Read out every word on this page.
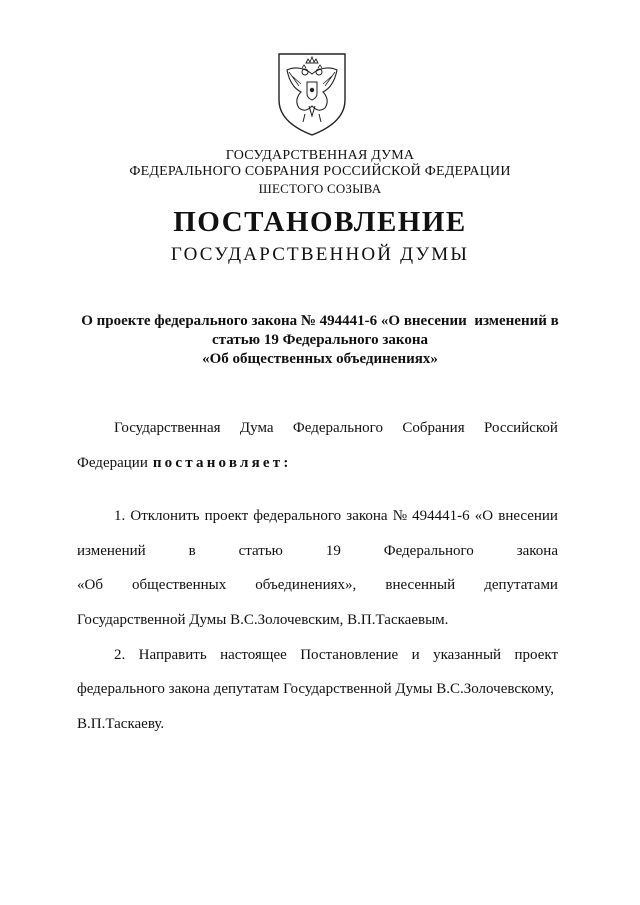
ГОСУДАРСТВЕННАЯ ДУМА
ФЕДЕРАЛЬНОГО СОБРАНИЯ РОССИЙСКОЙ ФЕДЕРАЦИИ
ШЕСТОГО СОЗЫВА
ПОСТАНОВЛЕНИЕ
ГОСУДАРСТВЕННОЙ ДУМЫ
О проекте федерального закона № 494441-6 «О внесении  изменений в
статью 19 Федерального закона
«Об общественных объединениях»
Государственная Дума Федерального Собрания Российской
Федерации постановляет:
1. Отклонить проект федерального закона № 494441-6 «О внесении
изменений	в	статью	19	Федерального	закона
«Об общественных объединениях», внесенный депутатами
Государственной Думы В.С.Золочевским, В.П.Таскаевым.
2. Направить настоящее Постановление и указанный проект
федерального закона депутатам Государственной Думы В.С.Золочевскому,
В.П.Таскаеву.
